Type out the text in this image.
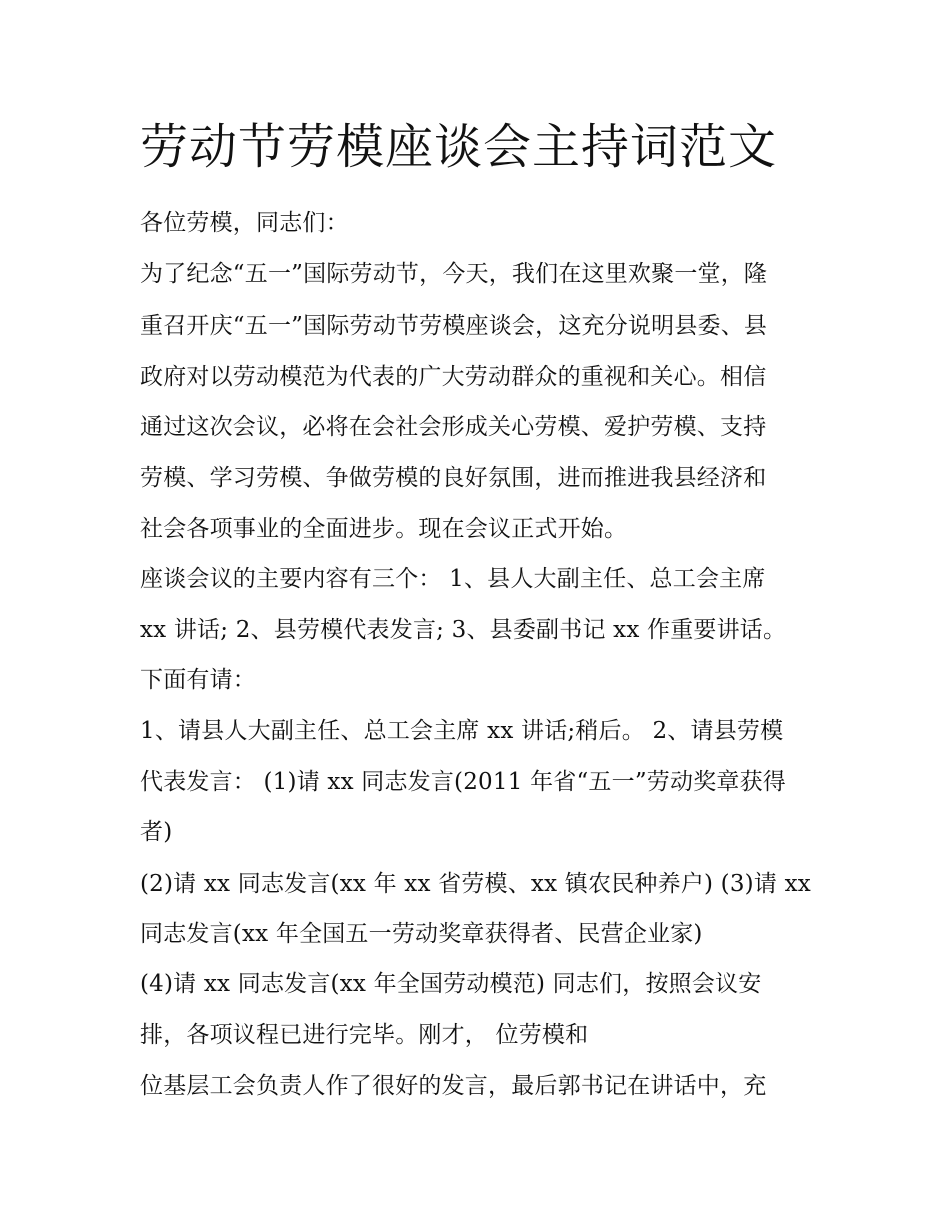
劳动节劳模座谈会主持词范文
各位劳模，同志们：
为了纪念“五一”国际劳动节，今天，我们在这里欢聚一堂，隆
重召开庆“五一”国际劳动节劳模座谈会，这充分说明县委、县
政府对以劳动模范为代表的广大劳动群众的重视和关心。相信
通过这次会议，必将在会社会形成关心劳模、爱护劳模、支持
劳模、学习劳模、争做劳模的良好氛围，进而推进我县经济和
社会各项事业的全面进步。现在会议正式开始。
座谈会议的主要内容有三个： 1、县人大副主任、总工会主席
xx 讲话; 2、县劳模代表发言; 3、县委副书记 xx 作重要讲话。
下面有请：
1、请县人大副主任、总工会主席 xx 讲话;稍后。 2、请县劳模
代表发言： (1)请 xx 同志发言(2011 年省“五一”劳动奖章获得
者)
(2)请 xx 同志发言(xx 年 xx 省劳模、xx 镇农民种养户) (3)请 xx
同志发言(xx 年全国五一劳动奖章获得者、民营企业家)
(4)请 xx 同志发言(xx 年全国劳动模范) 同志们，按照会议安
排，各项议程已进行完毕。刚才， 位劳模和
位基层工会负责人作了很好的发言，最后郭书记在讲话中，充
